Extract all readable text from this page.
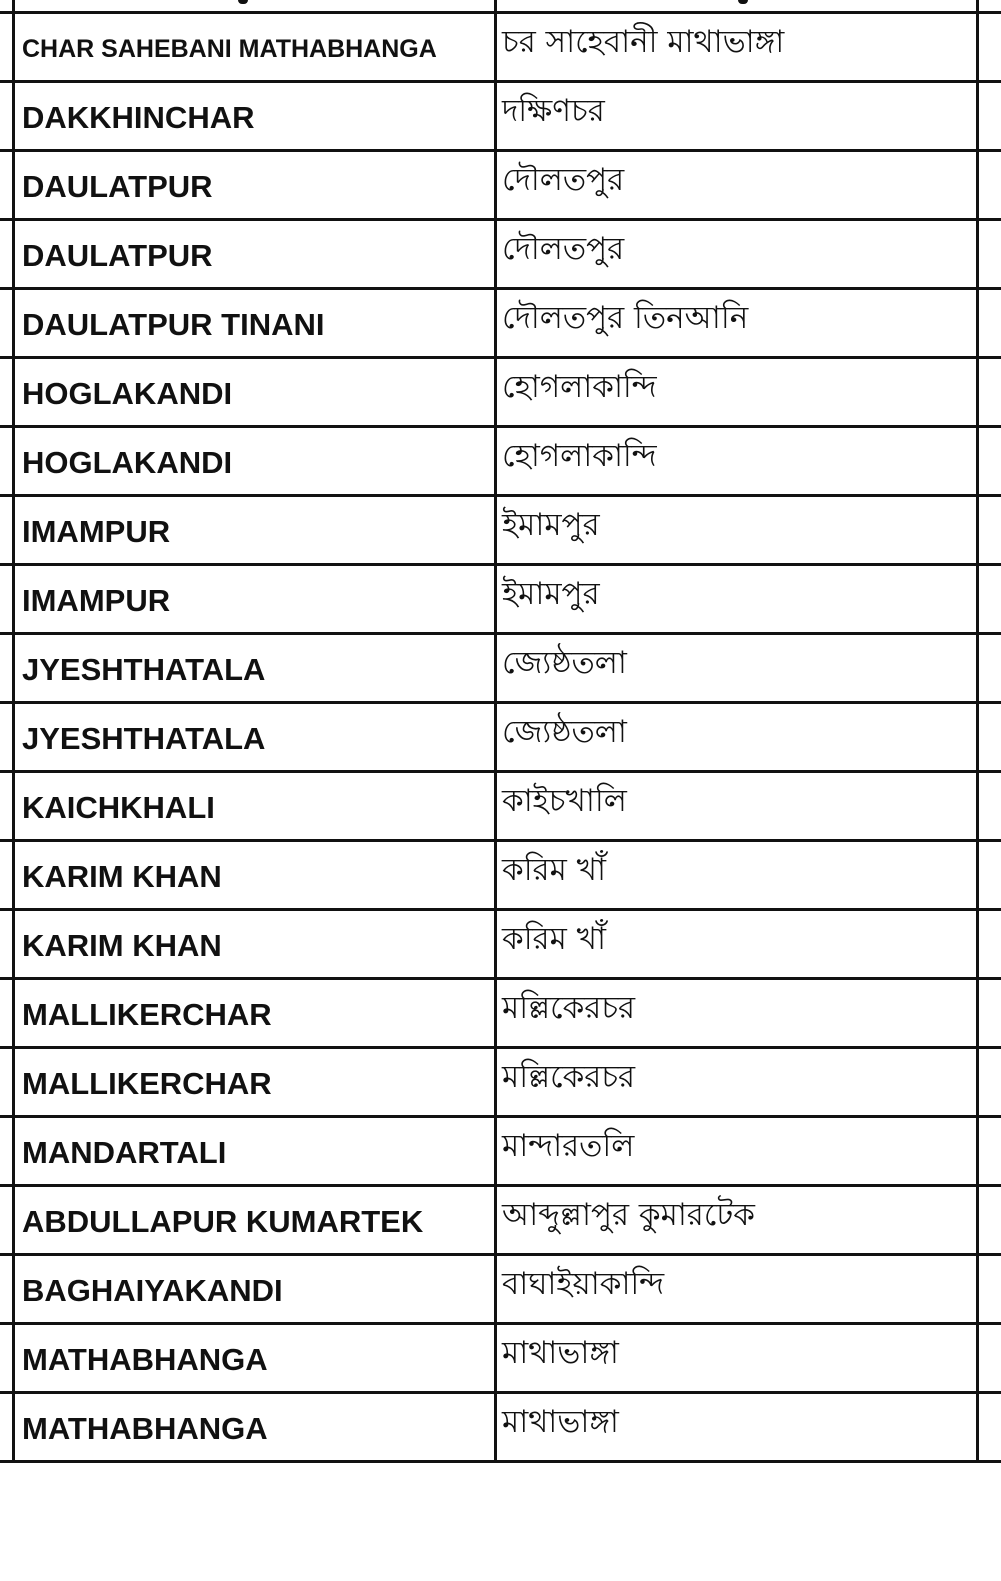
CHAR SAHEBANI MATHABHANGA	চর সাহেবানী মাথাভাঙ্গা
DAKKHINCHAR	দক্ষিণচর
DAULATPUR	দৌলতপুর
DAULATPUR	দৌলতপুর
DAULATPUR TINANI	দৌলতপুর তিনআনি
HOGLAKANDI	হোগলাকান্দি
HOGLAKANDI	হোগলাকান্দি
IMAMPUR	ইমামপুর
IMAMPUR	ইমামপুর
JYESHTHATALA	জ্যেষ্ঠতলা
JYESHTHATALA	জ্যেষ্ঠতলা
KAICHKHALI	কাইচখালি
KARIM KHAN	করিম খাঁ
KARIM KHAN	করিম খাঁ
MALLIKERCHAR	মল্লিকেরচর
MALLIKERCHAR	মল্লিকেরচর
MANDARTALI	মান্দারতলি
ABDULLAPUR KUMARTEK	আব্দুল্লাপুর কুমারটেক
BAGHAIYAKANDI	বাঘাইয়াকান্দি
MATHABHANGA	মাথাভাঙ্গা
MATHABHANGA	মাথাভাঙ্গা
